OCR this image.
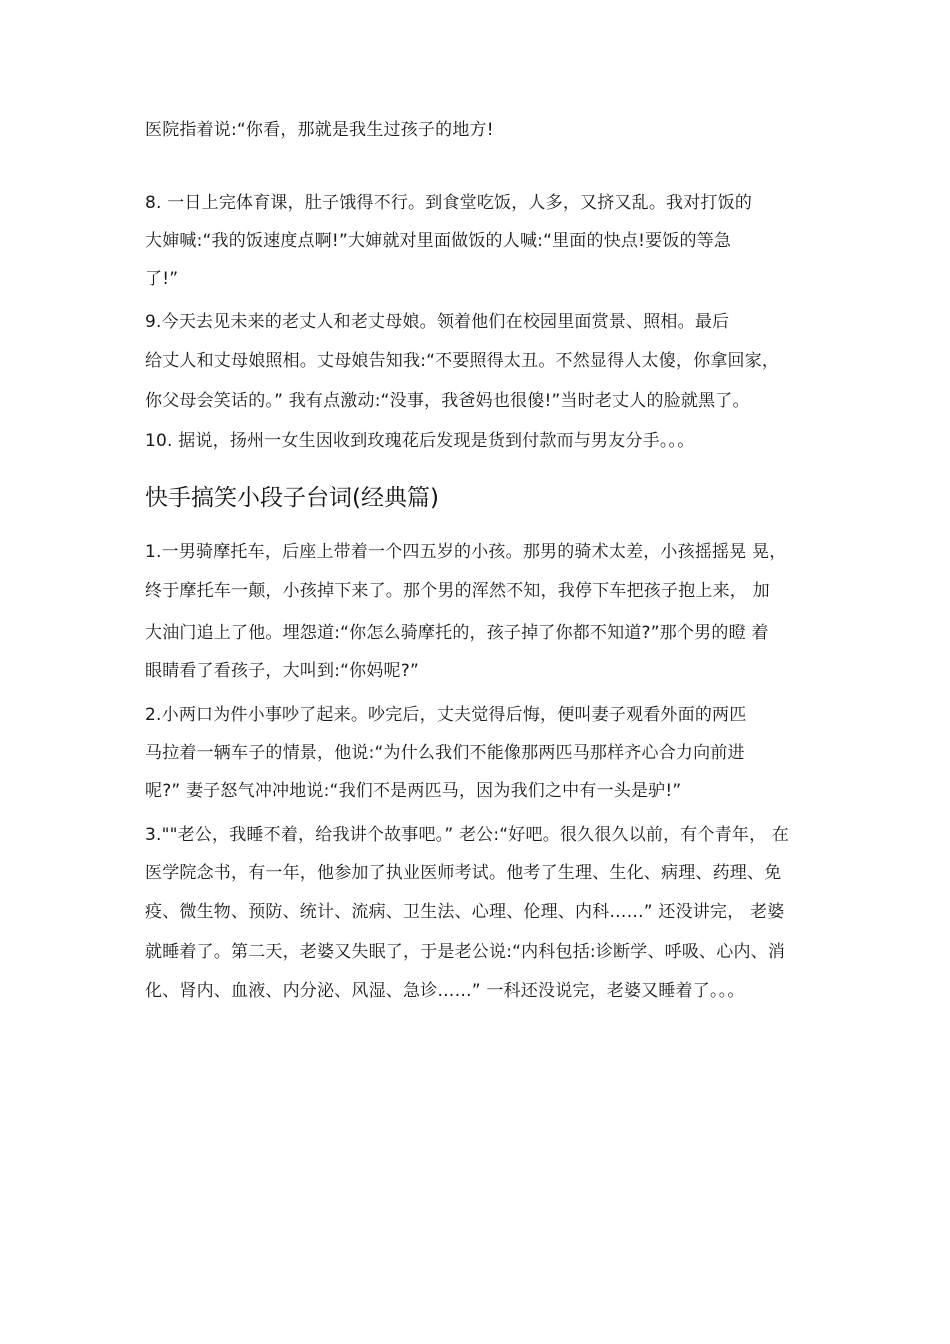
医院指着说:“你看，那就是我生过孩子的地方!
8. 一日上完体育课，肚子饿得不行。到食堂吃饭，人多，又挤又乱。我对打饭的
大婶喊:“我的饭速度点啊!”大婶就对里面做饭的人喊:“里面的快点!要饭的等急
了!”
9.今天去见未来的老丈人和老丈母娘。领着他们在校园里面赏景、照相。最后
给丈人和丈母娘照相。丈母娘告知我:“不要照得太丑。不然显得人太傻，你拿回家，
你父母会笑话的。” 我有点激动:“没事，我爸妈也很傻!”当时老丈人的脸就黑了。
10. 据说，扬州一女生因收到玫瑰花后发现是货到付款而与男友分手。。。
快手搞笑小段子台词(经典篇)
1.一男骑摩托车，后座上带着一个四五岁的小孩。那男的骑术太差，小孩摇摇晃 晃，
终于摩托车一颠，小孩掉下来了。那个男的浑然不知，我停下车把孩子抱上来， 加
大油门追上了他。埋怨道:“你怎么骑摩托的，孩子掉了你都不知道?”那个男的瞪 着
眼睛看了看孩子，大叫到:“你妈呢?”
2.小两口为件小事吵了起来。吵完后，丈夫觉得后悔，便叫妻子观看外面的两匹
马拉着一辆车子的情景，他说:“为什么我们不能像那两匹马那样齐心合力向前进
呢?” 妻子怒气冲冲地说:“我们不是两匹马，因为我们之中有一头是驴!”
3.""老公，我睡不着，给我讲个故事吧。” 老公:“好吧。很久很久以前，有个青年， 在
医学院念书，有一年，他参加了执业医师考试。他考了生理、生化、病理、药理、免
疫、微生物、预防、统计、流病、卫生法、心理、伦理、内科……” 还没讲完， 老婆
就睡着了。第二天，老婆又失眠了，于是老公说:“内科包括:诊断学、呼吸、心内、消
化、肾内、血液、内分泌、风湿、急诊……” 一科还没说完，老婆又睡着了。。。
